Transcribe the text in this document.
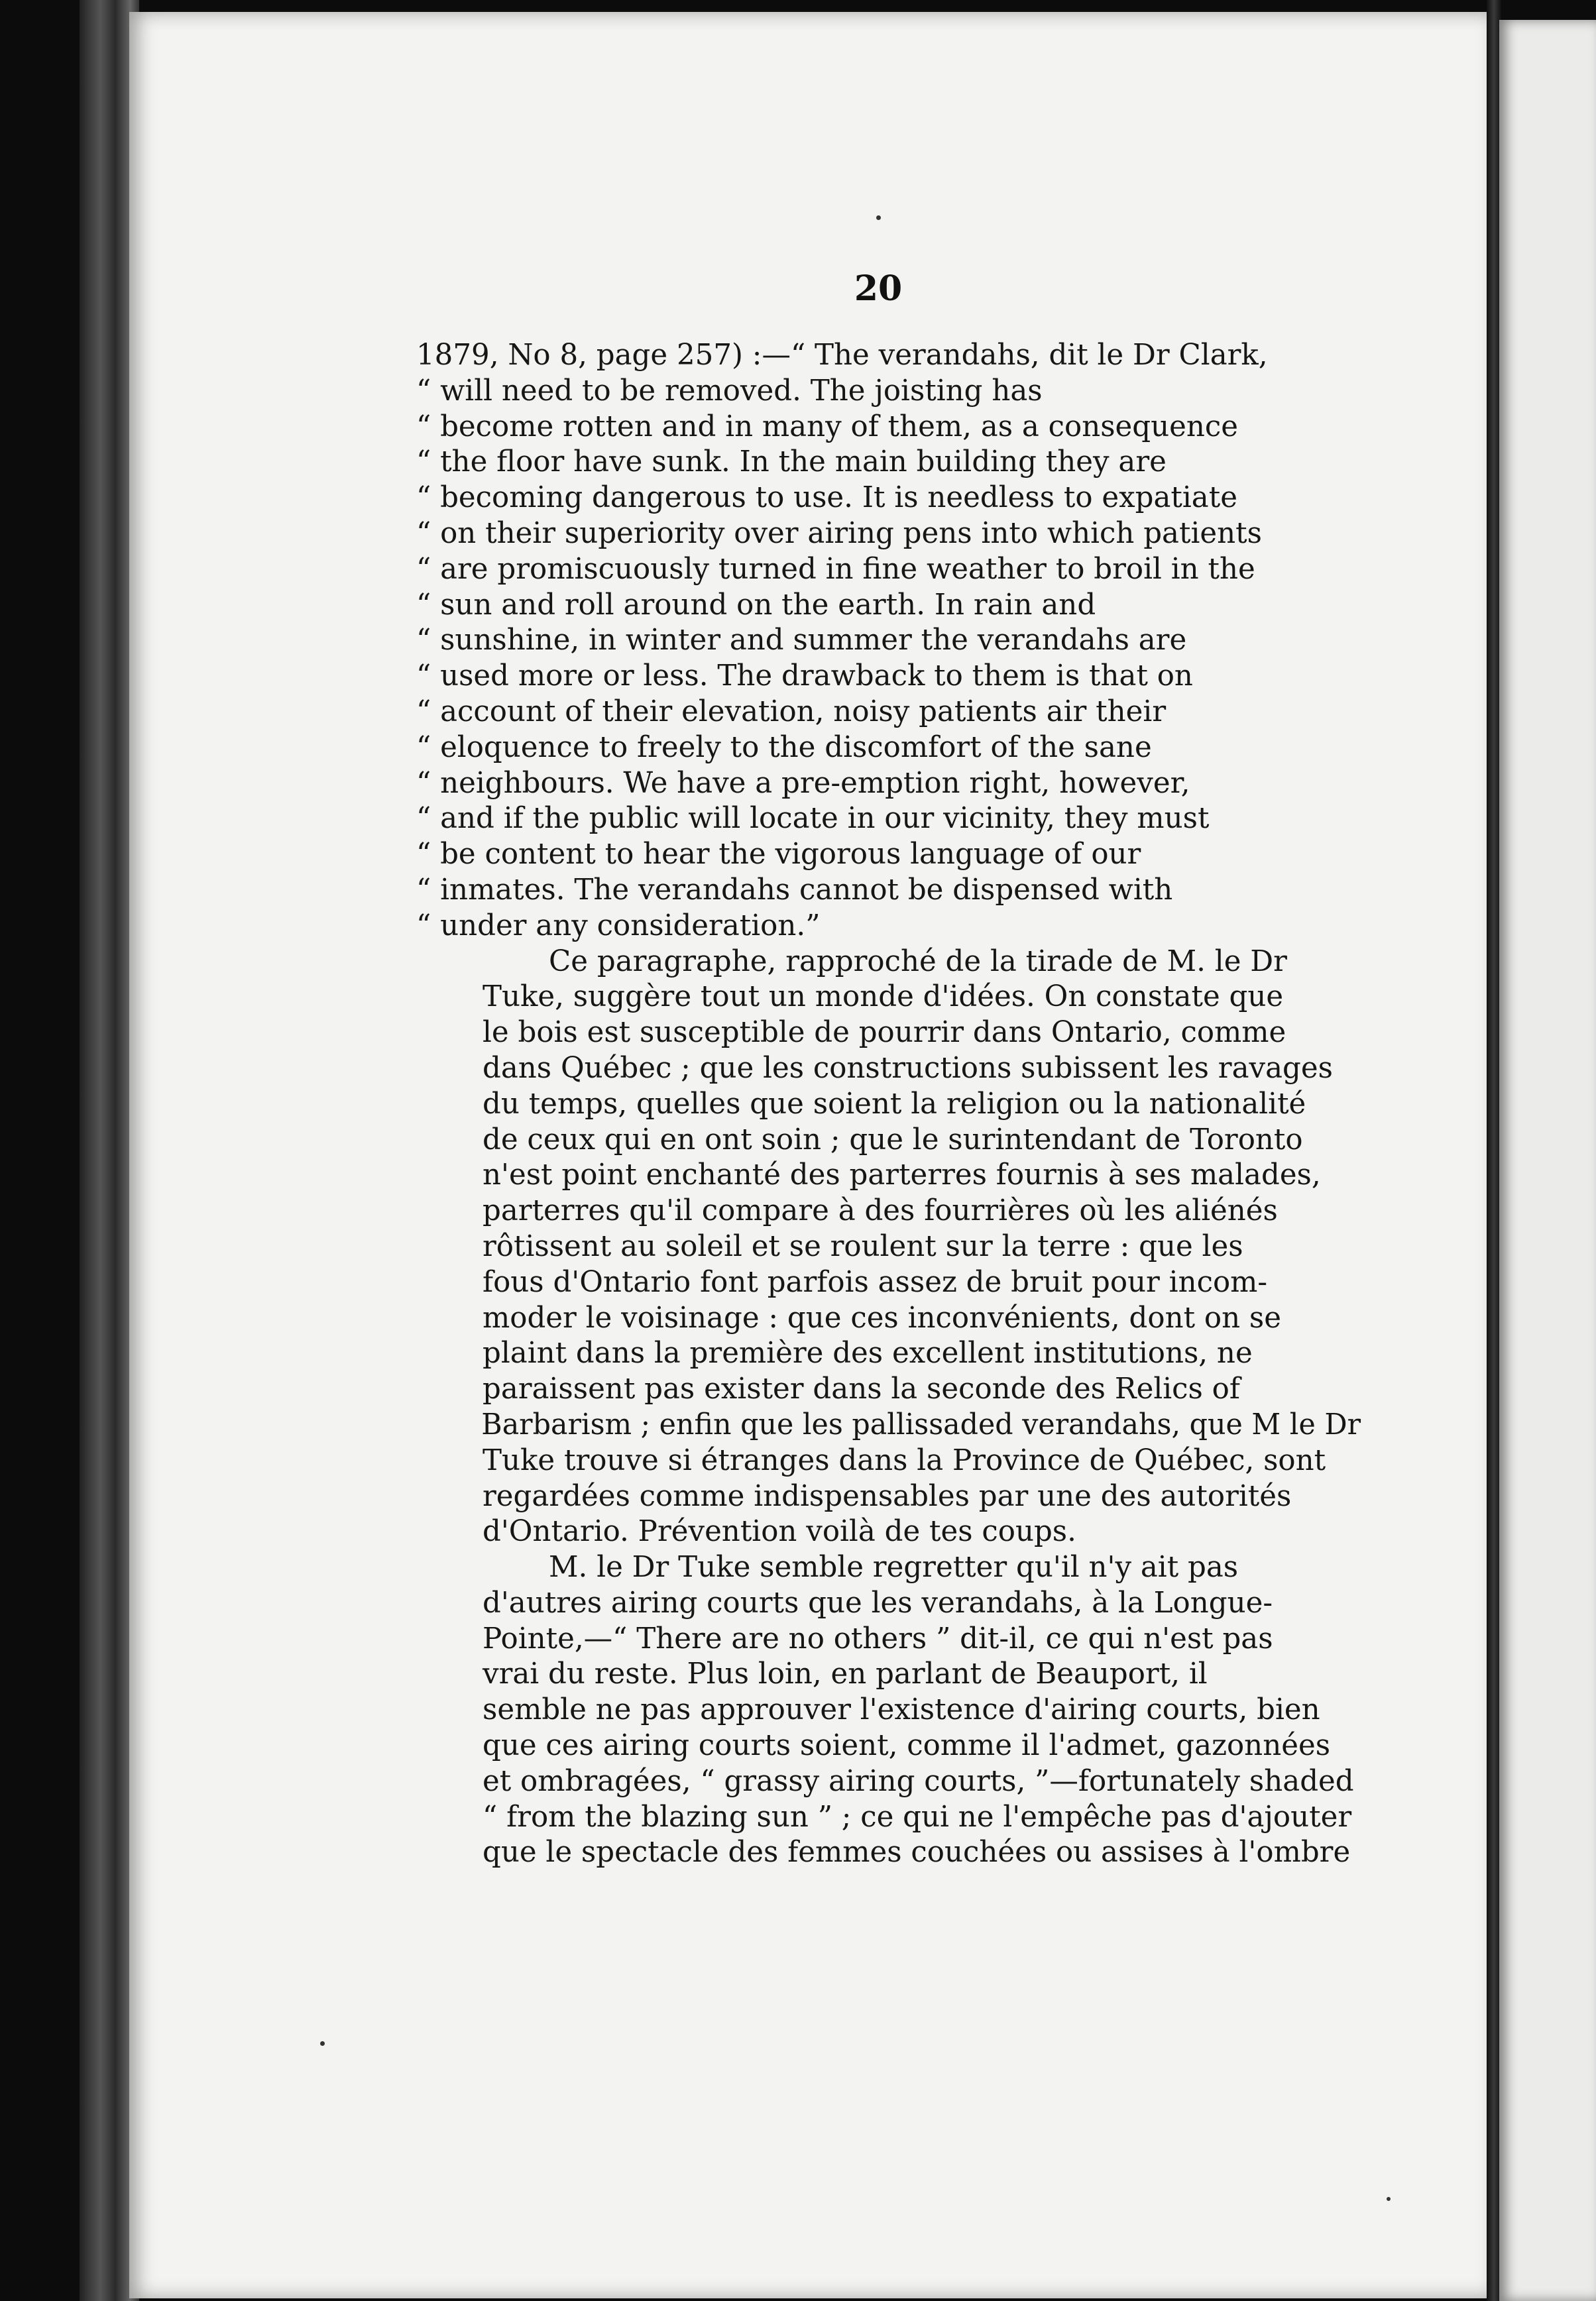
20

1879, No 8, page 257) :—“ The verandahs, dit le Dr Clark,
“ will need to be removed. The joisting has
“ become rotten and in many of them, as a consequence
“ the floor have sunk. In the main building they are
“ becoming dangerous to use. It is needless to expatiate
“ on their superiority over airing pens into which patients
“ are promiscuously turned in fine weather to broil in the
“ sun and roll around on the earth. In rain and
“ sunshine, in winter and summer the verandahs are
“ used more or less. The drawback to them is that on
“ account of their elevation, noisy patients air their
“ eloquence to freely to the discomfort of the sane
“ neighbours. We have a pre-emption right, however,
“ and if the public will locate in our vicinity, they must
“ be content to hear the vigorous language of our
“ inmates. The verandahs cannot be dispensed with
“ under any consideration.”

Ce paragraphe, rapproché de la tirade de M. le Dr
Tuke, suggère tout un monde d'idées. On constate que
le bois est susceptible de pourrir dans Ontario, comme
dans Québec ; que les constructions subissent les ravages
du temps, quelles que soient la religion ou la nationalité
de ceux qui en ont soin ; que le surintendant de Toronto
n'est point enchanté des parterres fournis à ses malades,
parterres qu'il compare à des fourrières où les aliénés
rôtissent au soleil et se roulent sur la terre : que les
fous d'Ontario font parfois assez de bruit pour incom-
moder le voisinage : que ces inconvénients, dont on se
plaint dans la première des excellent institutions, ne
paraissent pas exister dans la seconde des Relics of
Barbarism ; enfin que les pallissaded verandahs, que M le Dr
Tuke trouve si étranges dans la Province de Québec, sont
regardées comme indispensables par une des autorités
d'Ontario. Prévention voilà de tes coups.

M. le Dr Tuke semble regretter qu'il n'y ait pas
d'autres airing courts que les verandahs, à la Longue-
Pointe,—“ There are no others ” dit-il, ce qui n'est pas
vrai du reste. Plus loin, en parlant de Beauport, il
semble ne pas approuver l'existence d'airing courts, bien
que ces airing courts soient, comme il l'admet, gazonnées
et ombragées, “ grassy airing courts, ”—fortunately shaded
“ from the blazing sun ” ; ce qui ne l'empêche pas d'ajouter
que le spectacle des femmes couchées ou assises à l'ombre
